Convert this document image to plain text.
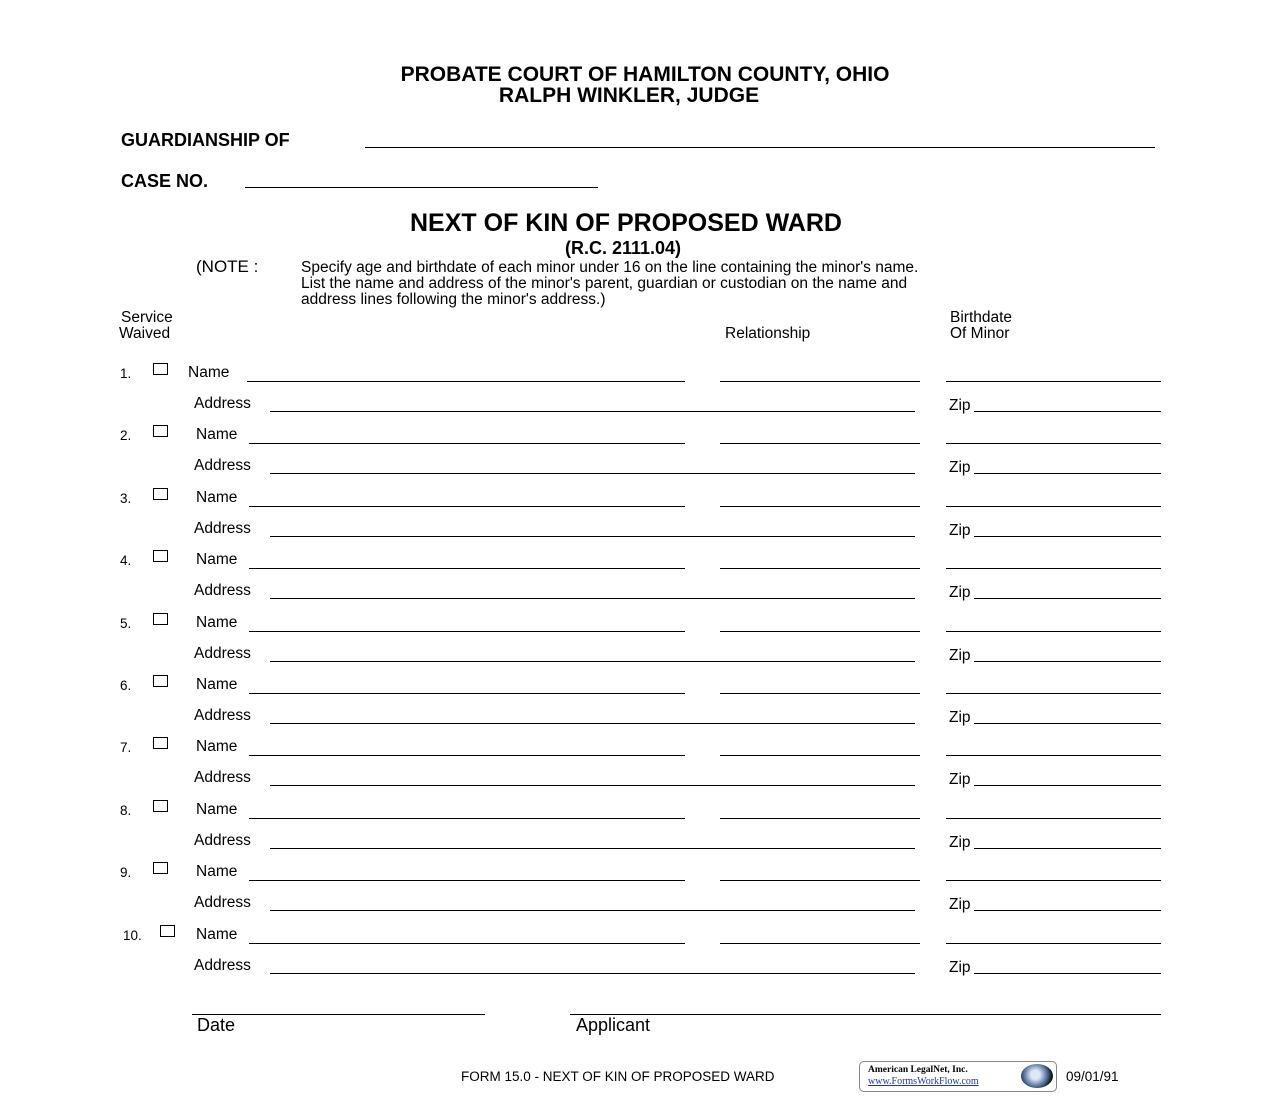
PROBATE COURT OF HAMILTON COUNTY, OHIO
RALPH WINKLER, JUDGE
GUARDIANSHIP OF
CASE NO.
NEXT OF KIN OF PROPOSED WARD
(R.C. 2111.04)
(NOTE :	Specify age and birthdate of each minor under 16 on the line containing the minor's name.
List the name and address of the minor's parent, guardian or custodian on the name and
address lines following the minor's address.)
Service
Waived	Relationship
Birthdate
Of Minor
1.	Name
Address	Zip
2.	Name
Address	Zip
3.	Name
Address	Zip
4.	Name
Address	Zip
5.	Name
Address	Zip
6.	Name
Address	Zip
7.	Name
Address	Zip
8.	Name
Address	Zip
9.	Name
Address	Zip
10.	Name
Address	Zip
Date	Applicant
FORM 15.0 - NEXT OF KIN OF PROPOSED WARD	American LegalNet, Inc.
www.FormsWorkFlow.com	09/01/91
